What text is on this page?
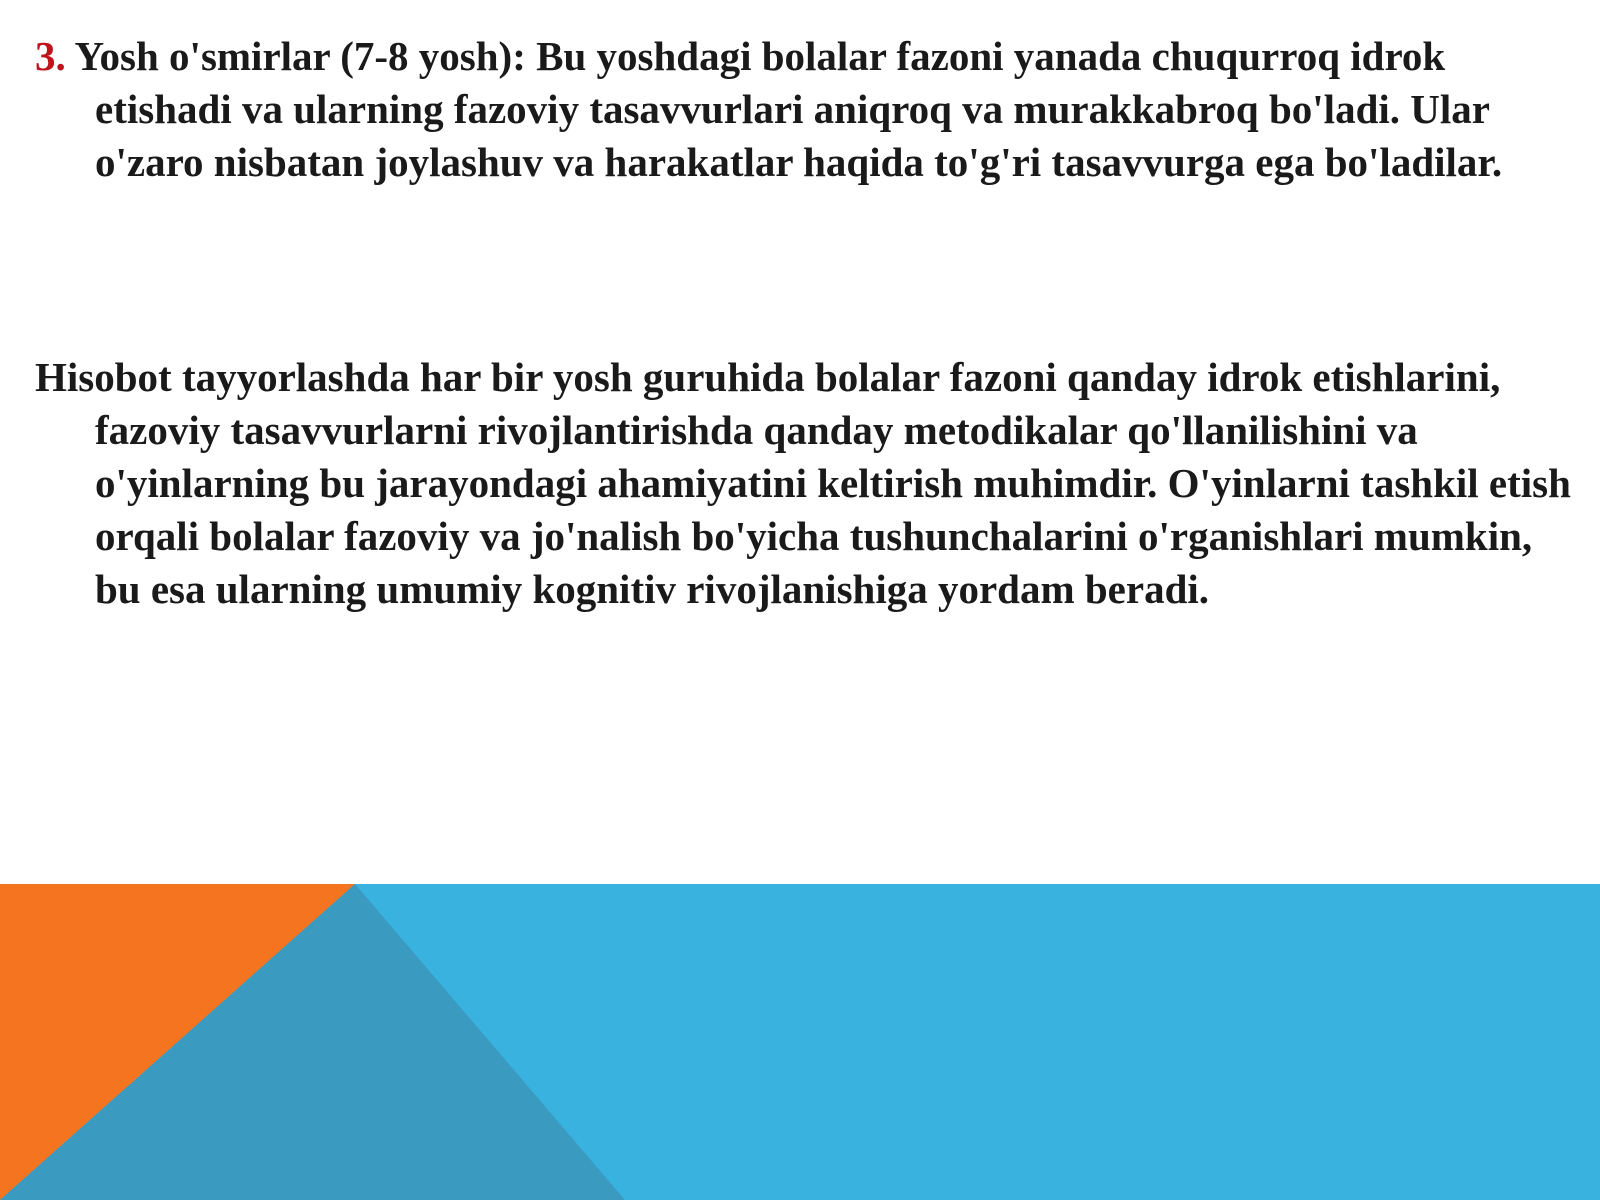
3. Yosh o'smirlar (7-8 yosh): Bu yoshdagi bolalar fazoni yanada chuqurroq idrok etishadi va ularning fazoviy tasavvurlari aniqroq va murakkabroq bo'ladi. Ular o'zaro nisbatan joylashuv va harakatlar haqida to'g'ri tasavvurga ega bo'ladilar.

Hisobot tayyorlashda har bir yosh guruhida bolalar fazoni qanday idrok etishlarini, fazoviy tasavvurlarni rivojlantirishda qanday metodikalar qo'llanilishini va o'yinlarning bu jarayondagi ahamiyatini keltirish muhimdir. O'yinlarni tashkil etish orqali bolalar fazoviy va jo'nalish bo'yicha tushunchalarini o'rganishlari mumkin, bu esa ularning umumiy kognitiv rivojlanishiga yordam beradi.
